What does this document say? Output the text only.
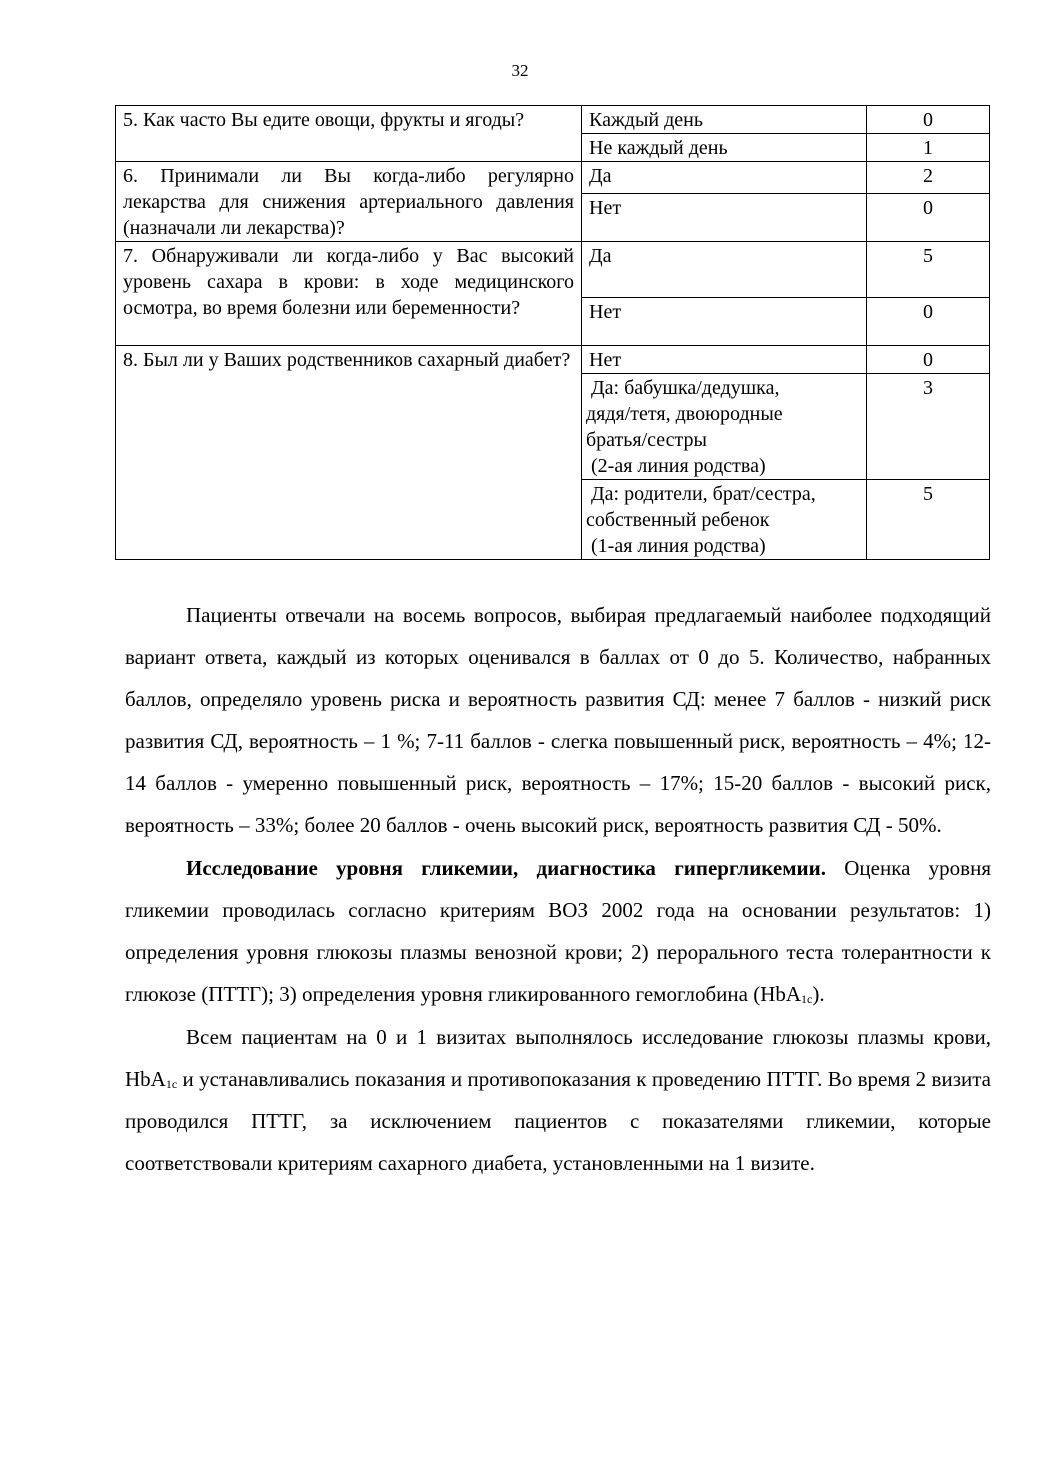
32
5. Как часто Вы едите овощи, фрукты и ягоды?	Каждый день	0
	Не каждый день	1
6. Принимали ли Вы когда-либо регулярно лекарства для снижения артериального давления (назначали ли лекарства)?	Да	2
	Нет	0
7. Обнаруживали ли когда-либо у Вас высокий уровень сахара в крови: в ходе медицинского осмотра, во время болезни или беременности?	Да	5
	Нет	0
8. Был ли у Ваших родственников сахарный диабет?	Нет	0

	Да: бабушка/дедушка,
дядя/тетя, двоюродные
братья/сестры
(2-ая линия родства)	3

	Да: родители, брат/сестра,
собственный ребенок
(1-ая линия родства)	5

Пациенты отвечали на восемь вопросов, выбирая предлагаемый наиболее подходящий вариант ответа, каждый из которых оценивался в баллах от 0 до 5. Количество, набранных баллов, определяло уровень риска и вероятность развития СД: менее 7 баллов - низкий риск развития СД, вероятность – 1 %; 7-11 баллов - слегка повышенный риск, вероятность – 4%; 12-14 баллов - умеренно повышенный риск, вероятность – 17%; 15-20 баллов - высокий риск, вероятность – 33%; более 20 баллов - очень высокий риск, вероятность развития СД - 50%.

Исследование уровня гликемии, диагностика гипергликемии. Оценка уровня гликемии проводилась согласно критериям ВОЗ 2002 года на основании результатов: 1) определения уровня глюкозы плазмы венозной крови; 2) перорального теста толерантности к глюкозе (ПТТГ); 3) определения уровня гликированного гемоглобина (HbA$_{1c}$).

Всем пациентам на 0 и 1 визитах выполнялось исследование глюкозы плазмы крови, HbA$_{1c}$ и устанавливались показания и противопоказания к проведению ПТТГ. Во время 2 визита проводился ПТТГ, за исключением пациентов с показателями гликемии, которые соответствовали критериям сахарного диабета, установленными на 1 визите.
